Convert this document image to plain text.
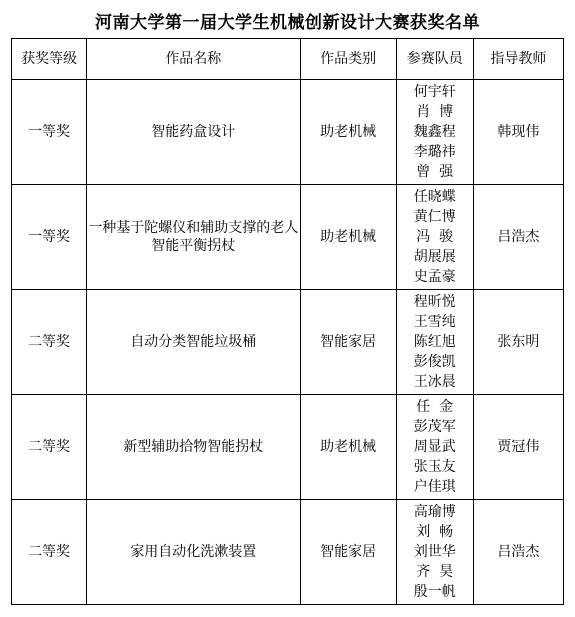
河南大学第一届大学生机械创新设计大赛获奖名单
获奖等级	作品名称	作品类别	参赛队员	指导教师
一等奖	智能药盒设计	助老机械	何宇轩
肖  博
魏鑫程
李璐祎
曾  强	韩现伟
一等奖	一种基于陀螺仪和辅助支撑的老人智能平衡拐杖	助老机械	任晓蝶
黄仁博
冯  骏
胡展展
史孟豪	吕浩杰
二等奖	自动分类智能垃圾桶	智能家居	程昕悦
王雪纯
陈红旭
彭俊凯
王冰晨	张东明
二等奖	新型辅助拾物智能拐杖	助老机械	任  金
彭茂军
周显武
张玉友
户佳琪	贾冠伟
二等奖	家用自动化洗漱装置	智能家居	高瑜博
刘  畅
刘世华
齐  昊
殷一帆	吕浩杰
